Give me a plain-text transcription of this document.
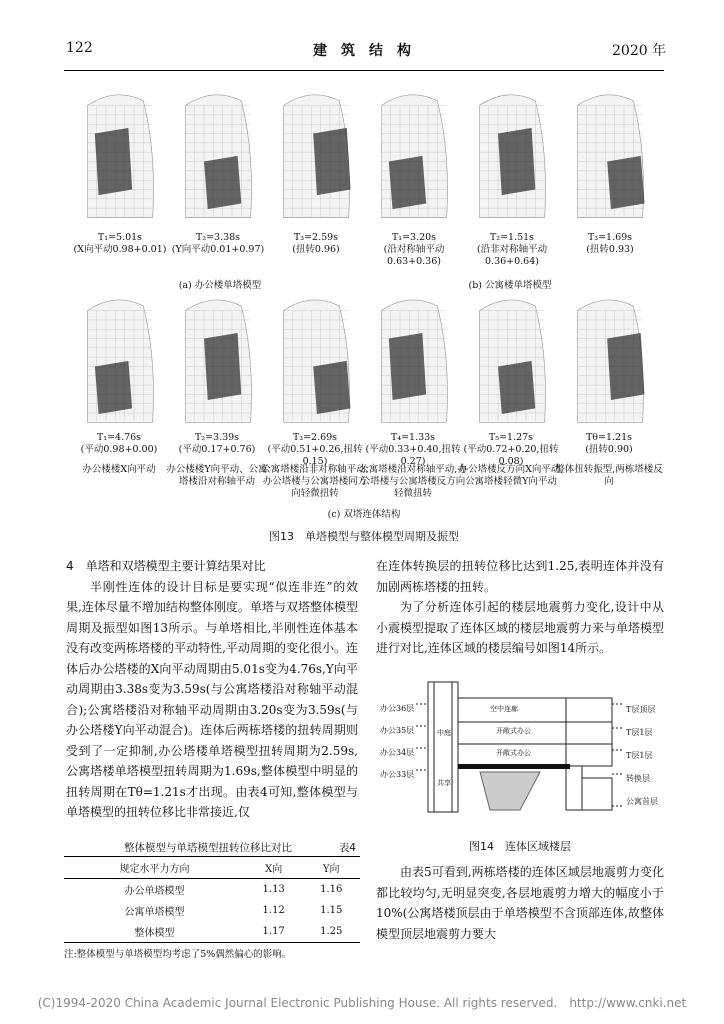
122	建　筑　结　构	2020 年
T₁=5.01s
(X向平动0.98+0.01)
T₂=3.38s
(Y向平动0.01+0.97)
T₃=2.59s
(扭转0.96)
T₁=3.20s
(沿对称轴平动 0.63+0.36)
T₂=1.51s
(沿非对称轴平动 0.36+0.64)
T₃=1.69s
(扭转0.93)
(a) 办公楼单塔模型	(b) 公寓楼单塔模型
T₁=4.76s
(平动0.98+0.00)
办公楼楼X向平动
T₂=3.39s
(平动0.17+0.76)
办公楼楼Y向平动、公寓塔楼沿对称轴平动
T₃=2.69s
(平动0.51+0.26,扭转0.15)
公寓塔楼沿非对称轴平动,办公塔楼与公寓塔楼同方向轻微扭转
T₄=1.33s
(平动0.33+0.40,扭转0.27)
公寓塔楼沿对称轴平动,办公塔楼与公寓塔楼反方向轻微扭转
T₅=1.27s
(平动0.72+0.20,扭转0.08)
办公塔楼反方向X向平动,公寓塔楼轻微Y向平动
Tθ=1.21s
(扭转0.90)
整体扭转振型,两栋塔楼反向
(c) 双塔连体结构
图13　单塔模型与整体模型周期及振型
4　单塔和双塔模型主要计算结果对比
半刚性连体的设计目标是要实现“似连非连”的效果,连体尽量不增加结构整体刚度。单塔与双塔整体模型周期及振型如图13所示。与单塔相比,半刚性连体基本没有改变两栋塔楼的平动特性,平动周期的变化很小。连体后办公塔楼的X向平动周期由5.01s变为4.76s,Y向平动周期由3.38s变为3.59s(与公寓塔楼沿对称轴平动混合);公寓塔楼沿对称轴平动周期由3.20s变为3.59s(与办公塔楼Y向平动混合)。连体后两栋塔楼的扭转周期则受到了一定抑制,办公塔楼单塔模型扭转周期为2.59s,公寓塔楼单塔模型扭转周期为1.69s,整体模型中明显的扭转周期在Tθ=1.21s才出现。由表4可知,整体模型与单塔模型的扭转位移比非常接近,仅
整体模型与单塔模型扭转位移比对比	表4
规定水平力方向	X向	Y向
办公单塔模型	1.13	1.16
公寓单塔模型	1.12	1.15
整体模型	1.17	1.25
注:整体模型与单塔模型均考虑了5%偶然偏心的影响。
在连体转换层的扭转位移比达到1.25,表明连体并没有加剧两栋塔楼的扭转。
为了分析连体引起的楼层地震剪力变化,设计中从小震模型提取了连体区域的楼层地震剪力来与单塔模型进行对比,连体区域的楼层编号如图14所示。
办公36层
办公35层
办公34层
办公33层
T层顶层
T层1层
T层1层
转换层
公寓首层
空中连廊
开敞式办公
开敞式办公
中庭
共享
图14　连体区域楼层
由表5可看到,两栋塔楼的连体区域层地震剪力变化都比较均匀,无明显突变,各层地震剪力增大的幅度小于10%(公寓塔楼顶层由于单塔模型不含顶部连体,故整体模型顶层地震剪力要大
(C)1994-2020 China Academic Journal Electronic Publishing House. All rights reserved.　http://www.cnki.net
